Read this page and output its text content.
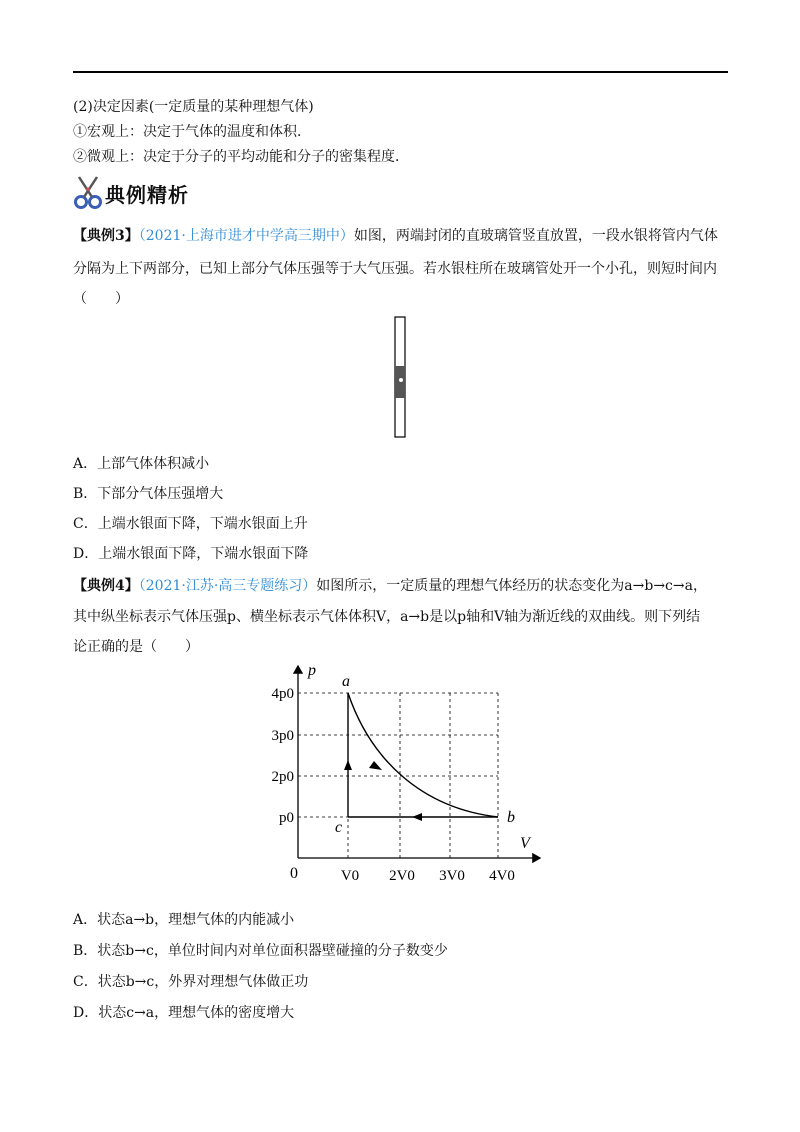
(2)决定因素(一定质量的某种理想气体)
①宏观上：决定于气体的温度和体积．
②微观上：决定于分子的平均动能和分子的密集程度．
典例精析
【典例3】（2021·上海市进才中学高三期中）如图，两端封闭的直玻璃管竖直放置，一段水银将管内气体
分隔为上下两部分，已知上部分气体压强等于大气压强。若水银柱所在玻璃管处开一个小孔，则短时间内
（　　）
A．上部气体体积减小
B．下部分气体压强增大
C．上端水银面下降，下端水银面上升
D．上端水银面下降，下端水银面下降
【典例4】（2021·江苏·高三专题练习）如图所示，一定质量的理想气体经历的状态变化为a→b→c→a，
其中纵坐标表示气体压强p、横坐标表示气体体积V，a→b是以p轴和V轴为渐近线的双曲线。则下列结
论正确的是（　　）
p
V
0
a
b
c
p0
2p0
3p0
4p0
V0 2V0 3V0 4V0
A．状态a→b，理想气体的内能减小
B．状态b→c，单位时间内对单位面积器壁碰撞的分子数变少
C．状态b→c，外界对理想气体做正功
D．状态c→a，理想气体的密度增大
